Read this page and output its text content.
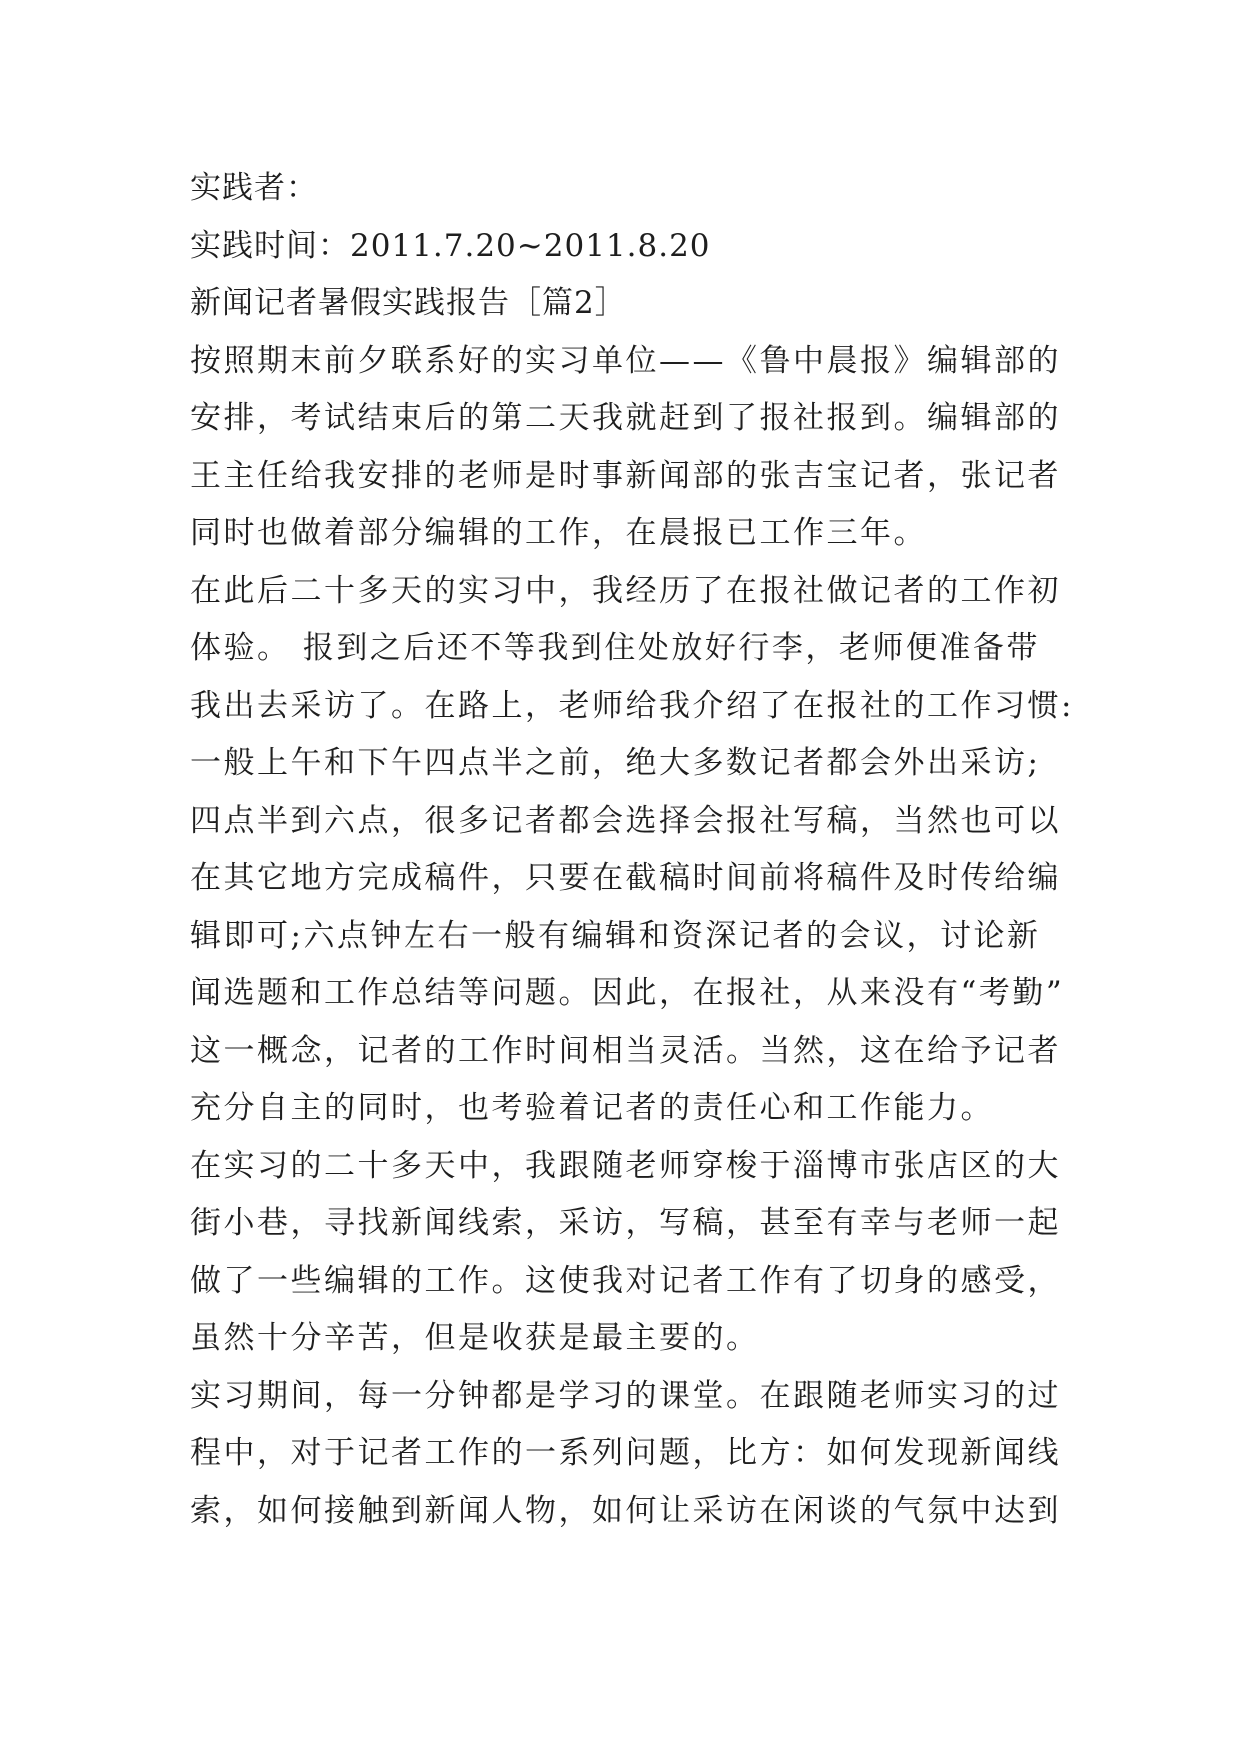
实践者：
实践时间：2011.7.20~2011.8.20
新闻记者暑假实践报告［篇2］
按照期末前夕联系好的实习单位——《鲁中晨报》编辑部的
安排，考试结束后的第二天我就赶到了报社报到。编辑部的
王主任给我安排的老师是时事新闻部的张吉宝记者，张记者
同时也做着部分编辑的工作，在晨报已工作三年。
在此后二十多天的实习中，我经历了在报社做记者的工作初
体验。 报到之后还不等我到住处放好行李，老师便准备带
我出去采访了。在路上，老师给我介绍了在报社的工作习惯:
一般上午和下午四点半之前，绝大多数记者都会外出采访;
四点半到六点，很多记者都会选择会报社写稿，当然也可以
在其它地方完成稿件，只要在截稿时间前将稿件及时传给编
辑即可;六点钟左右一般有编辑和资深记者的会议，讨论新
闻选题和工作总结等问题。因此，在报社，从来没有“考勤”
这一概念，记者的工作时间相当灵活。当然，这在给予记者
充分自主的同时，也考验着记者的责任心和工作能力。
在实习的二十多天中，我跟随老师穿梭于淄博市张店区的大
街小巷，寻找新闻线索，采访，写稿，甚至有幸与老师一起
做了一些编辑的工作。这使我对记者工作有了切身的感受，
虽然十分辛苦，但是收获是最主要的。
实习期间，每一分钟都是学习的课堂。在跟随老师实习的过
程中，对于记者工作的一系列问题，比方：如何发现新闻线
索，如何接触到新闻人物，如何让采访在闲谈的气氛中达到
